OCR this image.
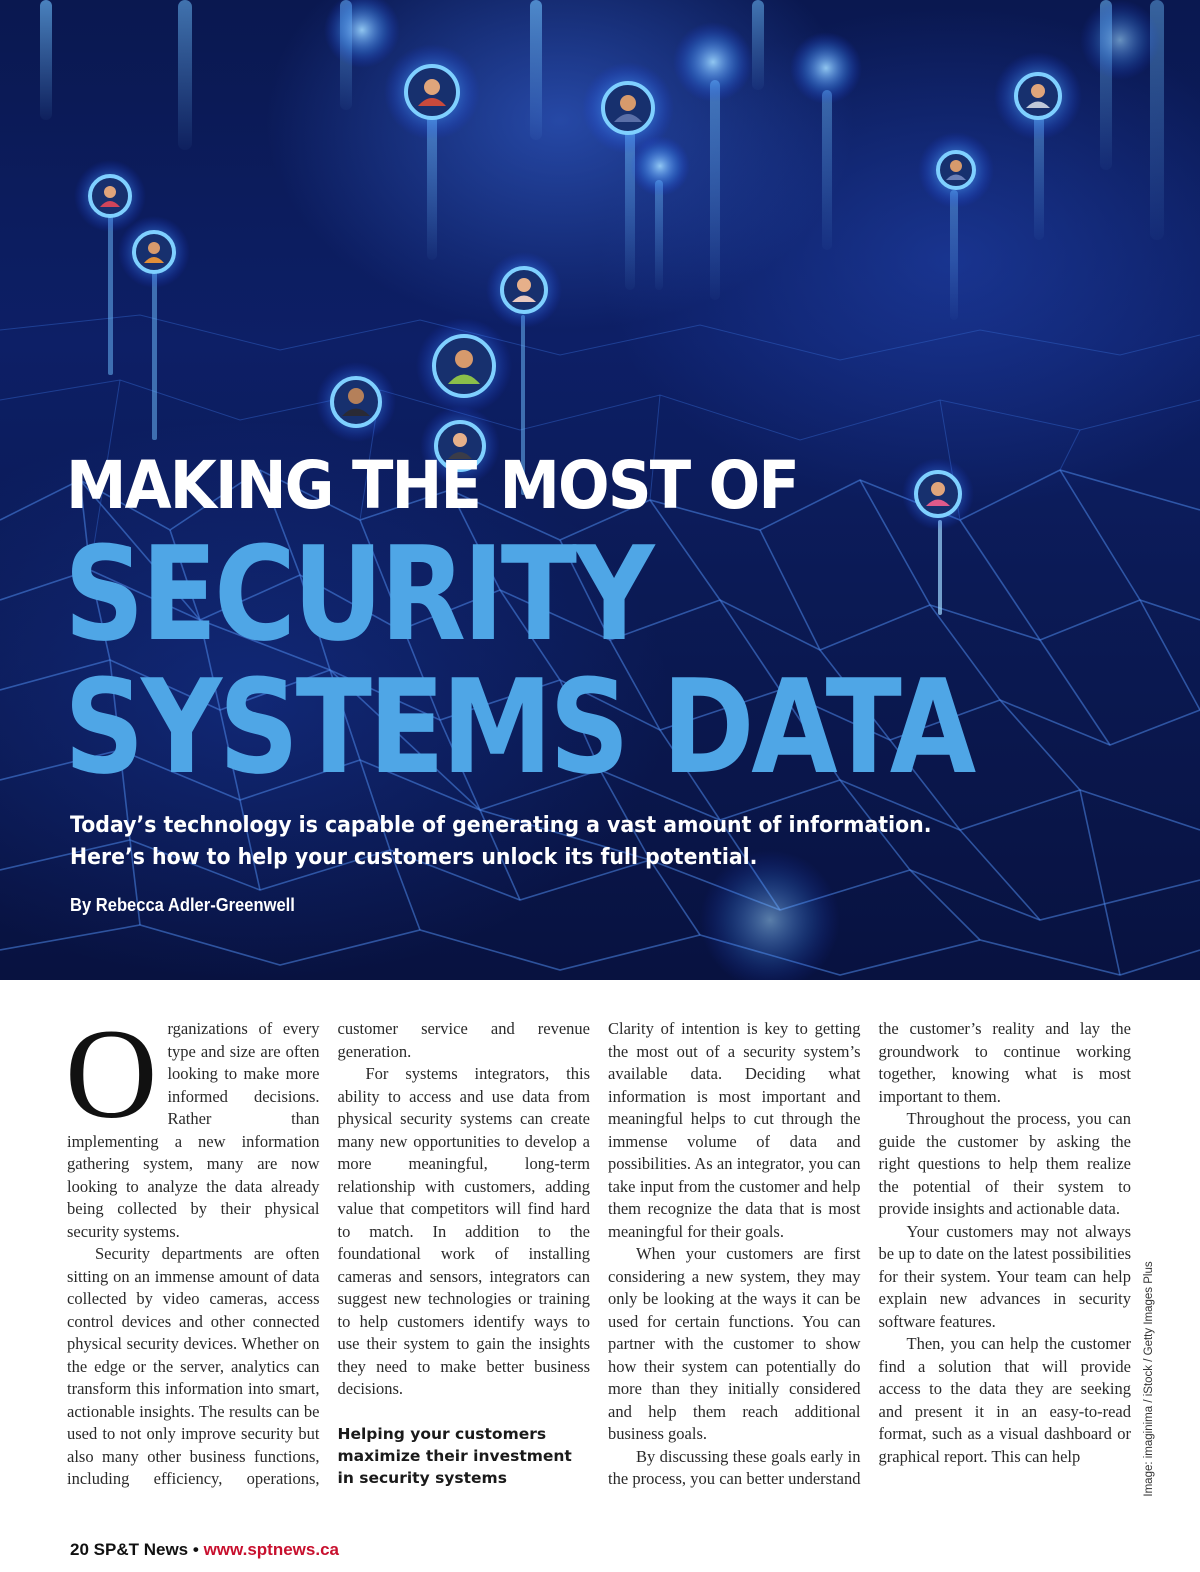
MAKING THE MOST OF
SECURITY
SYSTEMS DATA
Today’s technology is capable of generating a vast amount of information.
Here’s how to help your customers unlock its full potential.
By Rebecca Adler-Greenwell

Organizations of every type and size are often looking to make more informed decisions. Rather than implementing a new information gathering system, many are now looking to analyze the data already being collected by their physical security systems.

Security departments are often sitting on an immense amount of data collected by video cameras, access control devices and other connected physical security devices. Whether on the edge or the server, analytics can transform this information into smart, actionable insights. The results can be used to not only improve security but also many other business functions, including efficiency, operations, customer service and revenue generation.

For systems integrators, this ability to access and use data from physical security systems can create many new opportunities to develop a more meaningful, long-term relationship with customers, adding value that competitors will find hard to match. In addition to the foundational work of installing cameras and sensors, integrators can suggest new technologies or training to help customers identify ways to use their system to gain the insights they need to make better business decisions.

Helping your customers maximize their investment in security systems

Clarity of intention is key to getting the most out of a security system’s available data. Deciding what information is most important and meaningful helps to cut through the immense volume of data and possibilities. As an integrator, you can take input from the customer and help them recognize the data that is most meaningful for their goals.

When your customers are first considering a new system, they may only be looking at the ways it can be used for certain functions. You can partner with the customer to show how their system can potentially do more than they initially considered and help them reach additional business goals.

By discussing these goals early in the process, you can better understand the customer’s reality and lay the groundwork to continue working together, knowing what is most important to them.

Throughout the process, you can guide the customer by asking the right questions to help them realize the potential of their system to provide insights and actionable data.

Your customers may not always be up to date on the latest possibilities for their system. Your team can help explain new advances in security software features.

Then, you can help the customer find a solution that will provide access to the data they are seeking and present it in an easy-to-read format, such as a visual dashboard or graphical report. This can help	Image: imaginima / iStock / Getty Images Plus
20 SP&T News • www.sptnews.ca
